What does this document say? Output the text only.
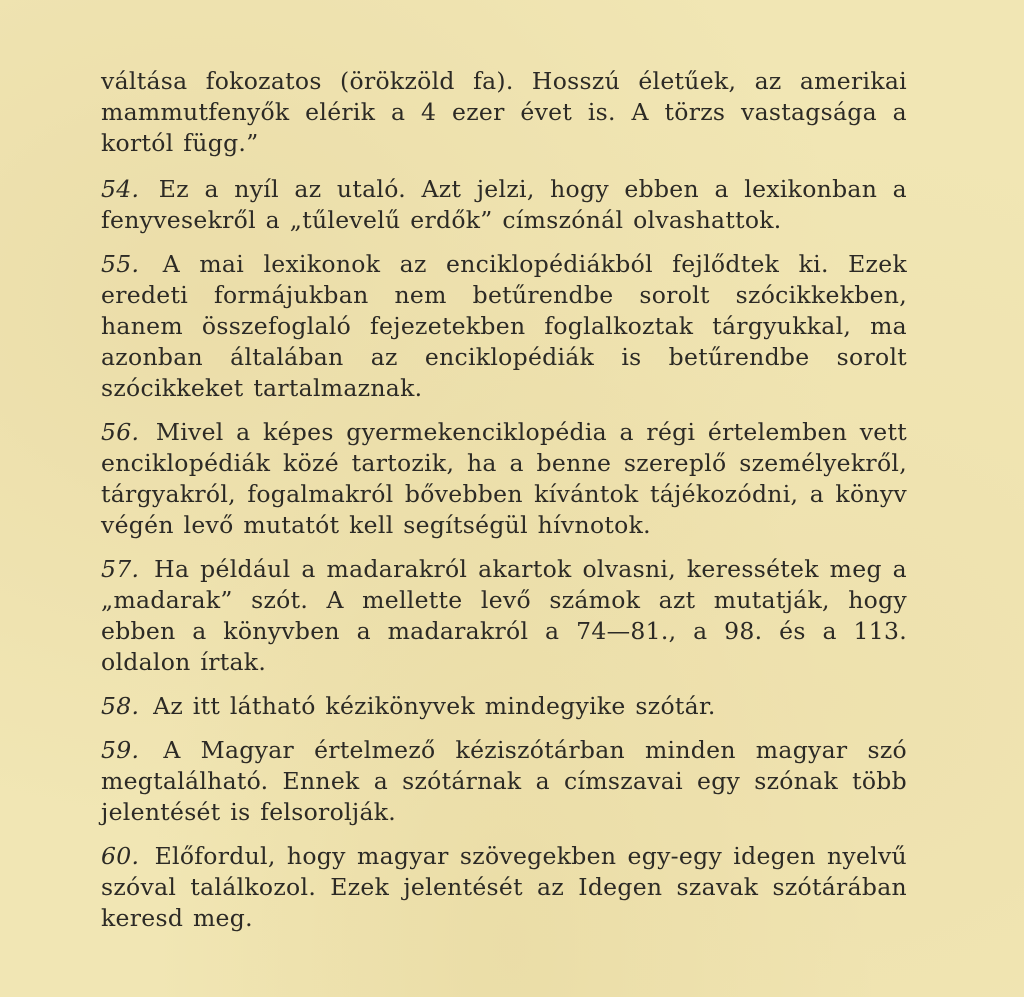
váltása fokozatos (örökzöld fa). Hosszú életűek, az amerikai mammutfenyők elérik a 4 ezer évet is. A törzs vastagsága a kortól függ.”

54. Ez a nyíl az utaló. Azt jelzi, hogy ebben a lexikonban a fenyvesekről a „tűlevelű erdők” címszónál olvashattok.

55. A mai lexikonok az enciklopédiákból fejlődtek ki. Ezek eredeti formájukban nem betűrendbe sorolt szócikkekben, hanem összefoglaló fejezetekben foglalkoztak tárgyukkal, ma azonban általában az enciklopédiák is betűrendbe sorolt szócikkeket tartalmaznak.

56. Mivel a képes gyermekenciklopédia a régi értelemben vett enciklopédiák közé tartozik, ha a benne szereplő személyekről, tárgyakról, fogalmakról bővebben kívántok tájékozódni, a könyv végén levő mutatót kell segítségül hívnotok.

57. Ha például a madarakról akartok olvasni, keressétek meg a „madarak” szót. A mellette levő számok azt mutatják, hogy ebben a könyvben a madarakról a 74—81., a 98. és a 113. oldalon írtak.

58. Az itt látható kézikönyvek mindegyike szótár.

59. A Magyar értelmező kéziszótárban minden magyar szó megtalálható. Ennek a szótárnak a címszavai egy szónak több jelentését is felsorolják.

60. Előfordul, hogy magyar szövegekben egy-egy idegen nyelvű szóval találkozol. Ezek jelentését az Idegen szavak szótárában keresd meg.
